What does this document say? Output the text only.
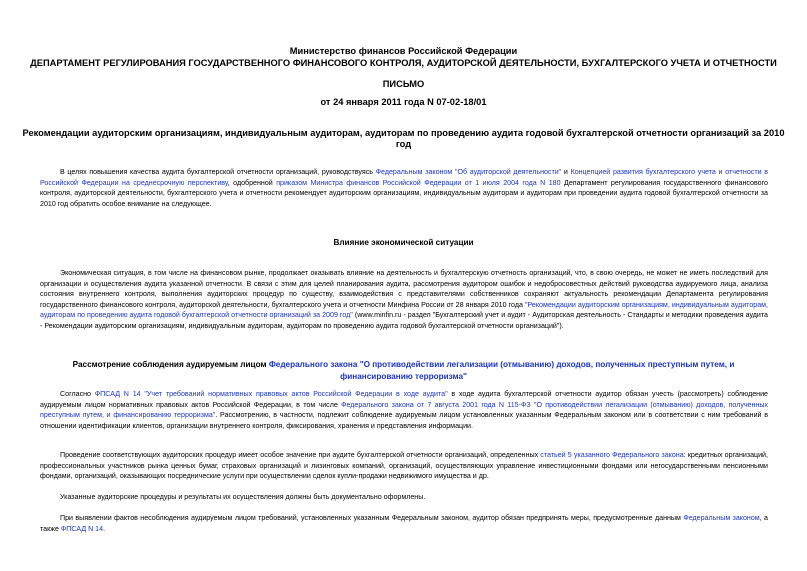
Министерство финансов Российской Федерации
ДЕПАРТАМЕНТ РЕГУЛИРОВАНИЯ ГОСУДАРСТВЕННОГО ФИНАНСОВОГО КОНТРОЛЯ, АУДИТОРСКОЙ ДЕЯТЕЛЬНОСТИ, БУХГАЛТЕРСКОГО УЧЕТА И ОТЧЕТНОСТИ
ПИСЬМО
от 24 января 2011 года N 07-02-18/01
Рекомендации аудиторским организациям, индивидуальным аудиторам, аудиторам по проведению аудита годовой бухгалтерской отчетности организаций за 2010
год

В целях повышения качества аудита бухгалтерской отчетности организаций, руководствуясь Федеральным законом "Об аудиторской деятельности" и Концепцией развития бухгалтерского учета и отчетности в Российской Федерации на среднесрочную перспективу, одобренной приказом Министра финансов Российской Федерации от 1 июля 2004 года N 180 Департамент регулирования государственного финансового контроля, аудиторской деятельности, бухгалтерского учета и отчетности рекомендует аудиторским организациям, индивидуальным аудиторам и аудиторам при проведении аудита годовой бухгалтерской отчетности за 2010 год обратить особое внимание на следующее.

Влияние экономической ситуации

Экономическая ситуация, в том числе на финансовом рынке, продолжает оказывать влияние на деятельность и бухгалтерскую отчетность организаций, что, в свою очередь, не может не иметь последствий для организации и осуществления аудита указанной отчетности. В связи с этим для целей планирования аудита, рассмотрения аудитором ошибок и недобросовестных действий руководства аудируемого лица, анализа состояния внутреннего контроля, выполнения аудиторских процедур по существу, взаимодействия с представителями собственников сохраняют актуальность рекомендации Департамента регулирования государственного финансового контроля, аудиторской деятельности, бухгалтерского учета и отчетности Минфина России от 28 января 2010 года "Рекомендации аудиторским организациям, индивидуальным аудиторам, аудиторам по проведению аудита годовой бухгалтерской отчетности организаций за 2009 год" (www.minfin.ru - раздел "Бухгалтерский учет и аудит - Аудиторская деятельность - Стандарты и методики проведения аудита - Рекомендации аудиторским организациям, индивидуальным аудиторам, аудиторам по проведению аудита годовой бухгалтерской отчетности организаций").

Рассмотрение соблюдения аудируемым лицом Федерального закона "О противодействии легализации (отмыванию) доходов, полученных преступным путем, и финансированию терроризма"

Согласно ФПСАД N 14 "Учет требований нормативных правовых актов Российской Федерации в ходе аудита" в ходе аудита бухгалтерской отчетности аудитор обязан учесть (рассмотреть) соблюдение аудируемым лицом нормативных правовых актов Российской Федерации, в том числе Федерального закона от 7 августа 2001 года N 115-ФЗ "О противодействии легализации (отмыванию) доходов, полученных преступным путем, и финансированию терроризма". Рассмотрению, в частности, подлежит соблюдение аудируемым лицом установленных указанным Федеральным законом или в соответствии с ним требований в отношении идентификации клиентов, организации внутреннего контроля, фиксирования, хранения и представления информации.

Проведение соответствующих аудиторских процедур имеет особое значение при аудите бухгалтерской отчетности организаций, определенных статьей 5 указанного Федерального закона: кредитных организаций, профессиональных участников рынка ценных бумаг, страховых организаций и лизинговых компаний, организаций, осуществляющих управление инвестиционными фондами или негосударственными пенсионными фондами, организаций, оказывающих посреднические услуги при осуществлении сделок купли-продажи недвижимого имущества и др.

Указанные аудиторские процедуры и результаты их осуществления должны быть документально оформлены.

При выявлении фактов несоблюдения аудируемым лицом требований, установленных указанным Федеральным законом, аудитор обязан предпринять меры, предусмотренные данным Федеральным законом, а также ФПСАД N 14.
